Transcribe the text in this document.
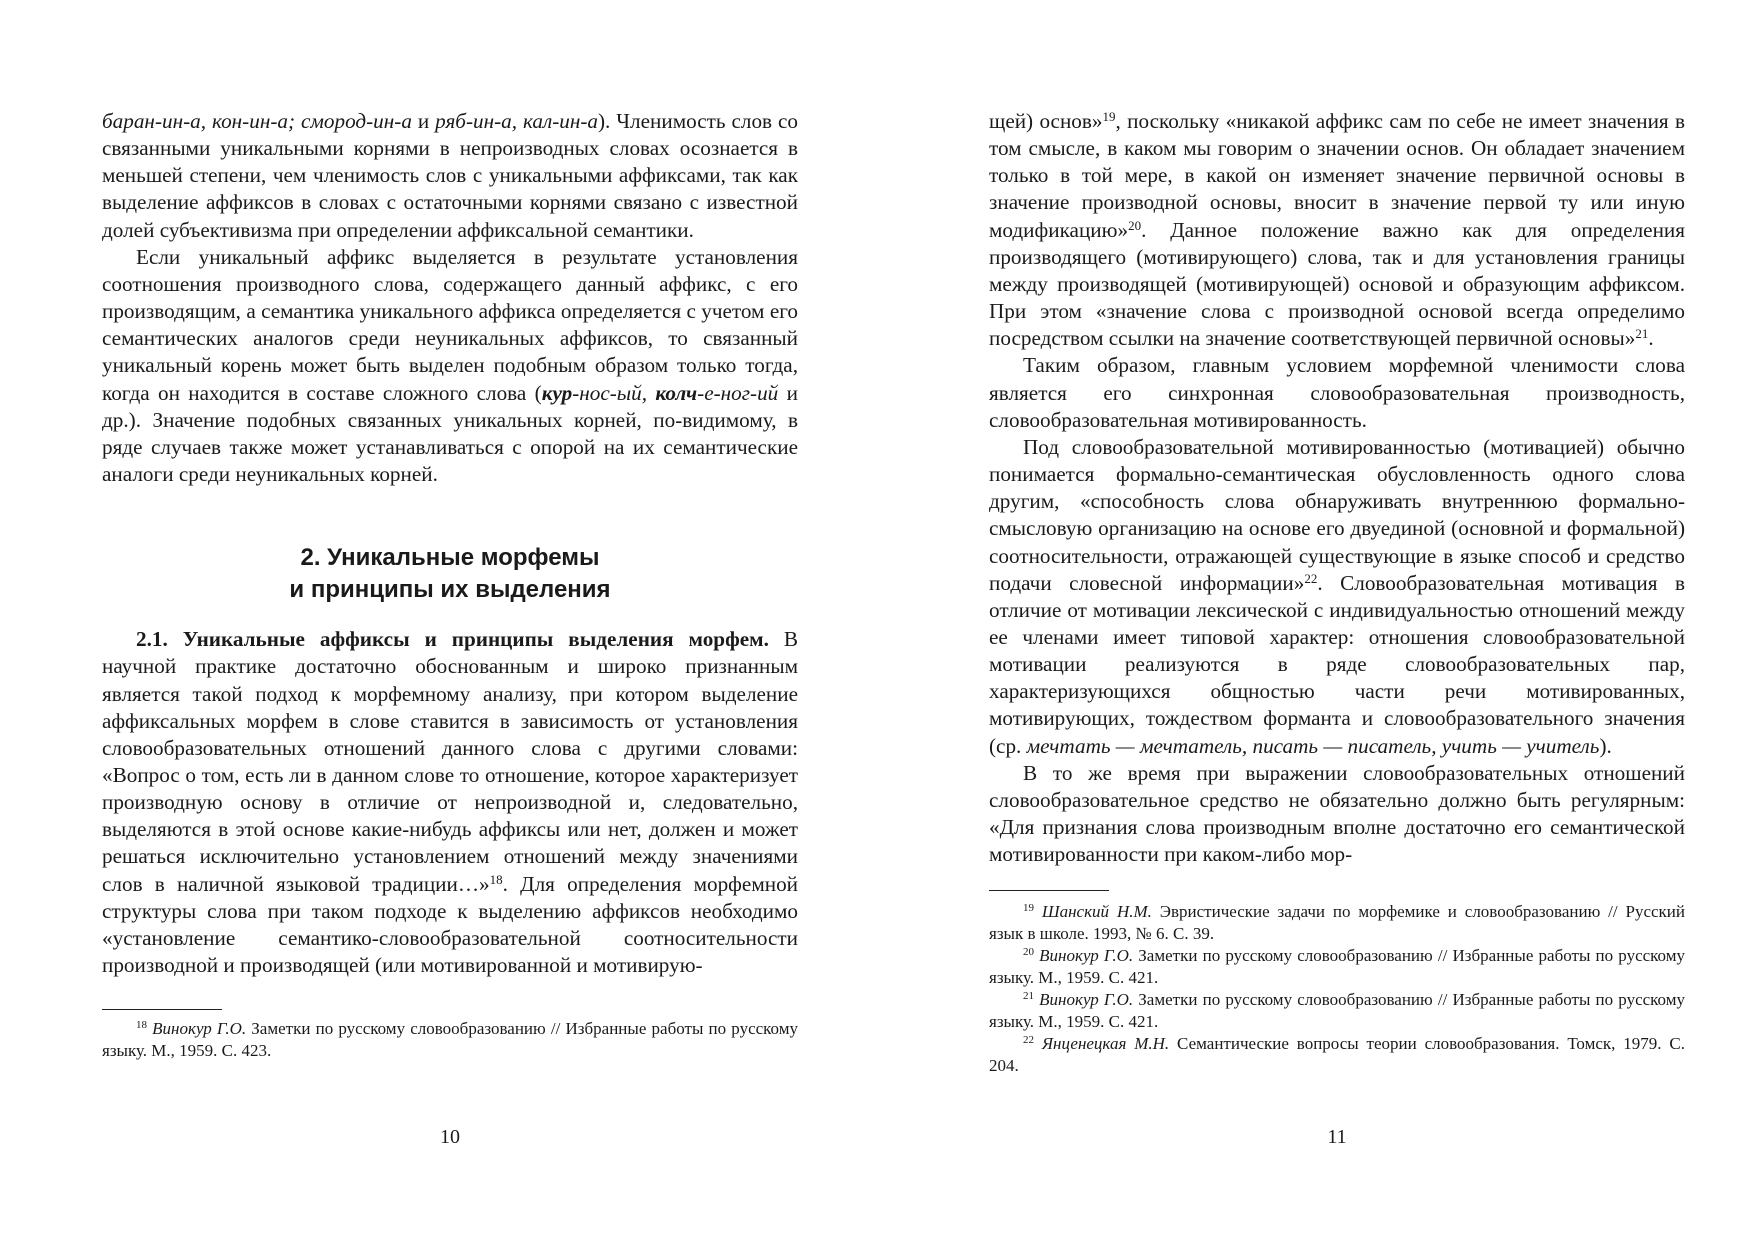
баран-ин-а, кон-ин-а; смород-ин-а и ряб-ин-а, кал-ин-а). Членимость слов со связанными уникальными корнями в непроизводных словах осознается в меньшей степени, чем членимость слов с уникальными аффиксами, так как выделение аффиксов в словах с остаточными корнями связано с известной долей субъективизма при определении аффиксальной семантики.

Если уникальный аффикс выделяется в результате установления соотношения производного слова, содержащего данный аффикс, с его производящим, а семантика уникального аффикса определяется с учетом его семантических аналогов среди неуникальных аффиксов, то связанный уникальный корень может быть выделен подобным образом только тогда, когда он находится в составе сложного слова (кур-нос-ый, колч-е-ног-ий и др.). Значение подобных связанных уникальных корней, по-видимому, в ряде случаев также может устанавливаться с опорой на их семантические аналоги среди неуникальных корней.

2. Уникальные морфемы
и принципы их выделения

2.1. Уникальные аффиксы и принципы выделения морфем. В научной практике достаточно обоснованным и широко признанным является такой подход к морфемному анализу, при котором выделение аффиксальных морфем в слове ставится в зависимость от установления словообразовательных отношений данного слова с другими словами: «Вопрос о том, есть ли в данном слове то отношение, которое характеризует производную основу в отличие от непроизводной и, следовательно, выделяются в этой основе какие-нибудь аффиксы или нет, должен и может решаться исключительно установлением отношений между значениями слов в наличной языковой традиции…»$^{18}$. Для определения морфемной структуры слова при таком подходе к выделению аффиксов необходимо «установление семантико-словообразовательной соотносительности производной и производящей (или мотивированной и мотивирую-

$^{18}$ Винокур Г.О. Заметки по русскому словообразованию // Избранные работы по русскому языку. М., 1959. С. 423.

10

щей) основ»$^{19}$, поскольку «никакой аффикс сам по себе не имеет значения в том смысле, в каком мы говорим о значении основ. Он обладает значением только в той мере, в какой он изменяет значение первичной основы в значение производной основы, вносит в значение первой ту или иную модификацию»$^{20}$. Данное положение важно как для определения производящего (мотивирующего) слова, так и для установления границы между производящей (мотивирующей) основой и образующим аффиксом. При этом «значение слова с производной основой всегда определимо посредством ссылки на значение соответствующей первичной основы»$^{21}$.

Таким образом, главным условием морфемной членимости слова является его синхронная словообразовательная производность, словообразовательная мотивированность.

Под словообразовательной мотивированностью (мотивацией) обычно понимается формально-семантическая обусловленность одного слова другим, «способность слова обнаруживать внутреннюю формально-смысловую организацию на основе его двуединой (основной и формальной) соотносительности, отражающей существующие в языке способ и средство подачи словесной информации»$^{22}$. Словообразовательная мотивация в отличие от мотивации лексической с индивидуальностью отношений между ее членами имеет типовой характер: отношения словообразовательной мотивации реализуются в ряде словообразовательных пар, характеризующихся общностью части речи мотивированных, мотивирующих, тождеством форманта и словообразовательного значения (ср. мечтать — мечтатель, писать — писатель, учить — учитель).

В то же время при выражении словообразовательных отношений словообразовательное средство не обязательно должно быть регулярным: «Для признания слова производным вполне достаточно его семантической мотивированности при каком-либо мор-

$^{19}$ Шанский Н.М. Эвристические задачи по морфемике и словообразованию // Русский язык в школе. 1993, № 6. С. 39.

$^{20}$ Винокур Г.О. Заметки по русскому словообразованию // Избранные работы по русскому языку. М., 1959. С. 421.

$^{21}$ Винокур Г.О. Заметки по русскому словообразованию // Избранные работы по русскому языку. М., 1959. С. 421.

$^{22}$ Янценецкая М.Н. Семантические вопросы теории словообразования. Томск, 1979. С. 204.

11
